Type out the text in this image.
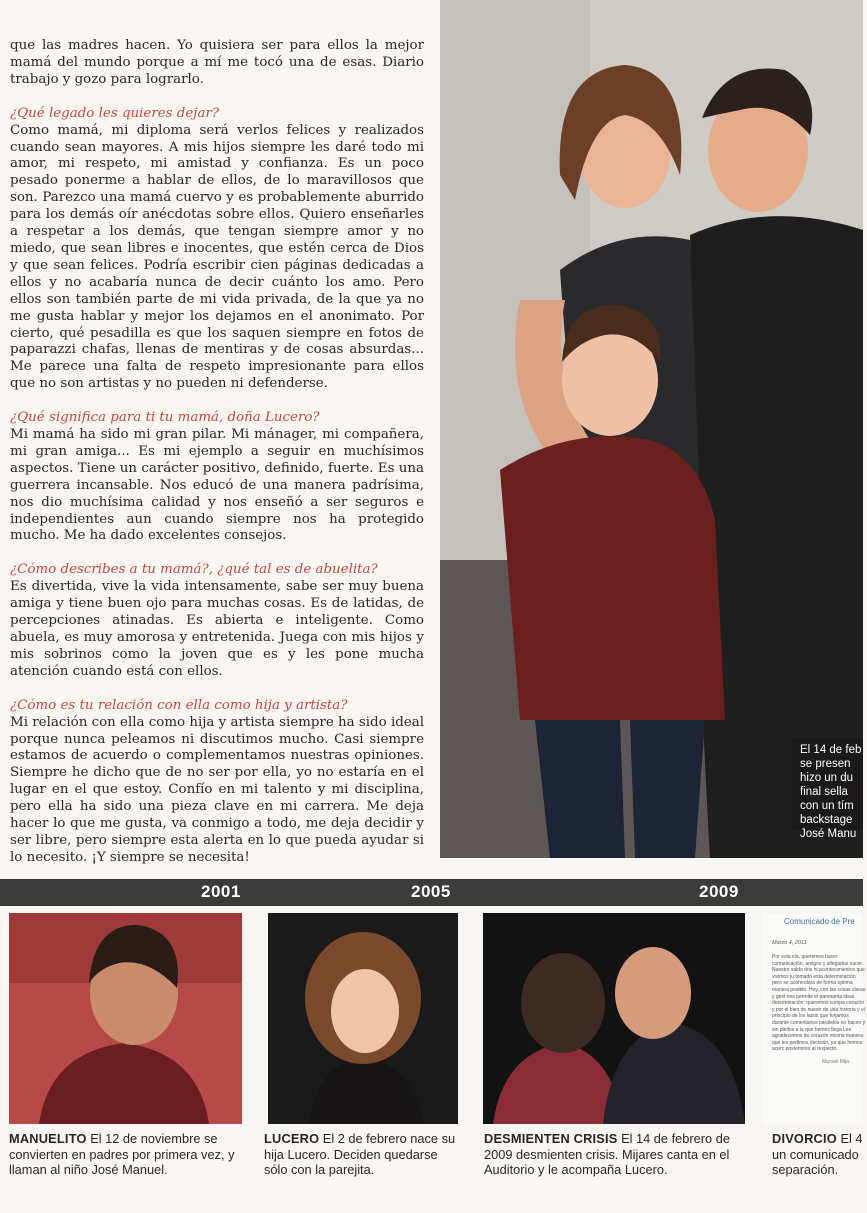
que las madres hacen. Yo quisiera ser para ellos la mejor mamá del mundo porque a mí me tocó una de esas. Diario trabajo y gozo para lograrlo.

¿Qué legado les quieres dejar?

Como mamá, mi diploma será verlos felices y realizados cuando sean mayores. A mis hijos siempre les daré todo mi amor, mi respeto, mi amistad y confianza. Es un poco pesado ponerme a hablar de ellos, de lo maravillosos que son. Parezco una mamá cuervo y es probablemente aburrido para los demás oír anécdotas sobre ellos. Quiero enseñarles a respetar a los demás, que tengan siempre amor y no miedo, que sean libres e inocentes, que estén cerca de Dios y que sean felices. Podría escribir cien páginas dedicadas a ellos y no acabaría nunca de decir cuánto los amo. Pero ellos son también parte de mi vida privada, de la que ya no me gusta hablar y mejor los dejamos en el anonimato. Por cierto, qué pesadilla es que los saquen siempre en fotos de paparazzi chafas, llenas de mentiras y de cosas absurdas... Me parece una falta de respeto impresionante para ellos que no son artistas y no pueden ni defenderse.

¿Qué significa para ti tu mamá, doña Lucero?

Mi mamá ha sido mi gran pilar. Mi mánager, mi compañera, mi gran amiga... Es mi ejemplo a seguir en muchísimos aspectos. Tiene un carácter positivo, definido, fuerte. Es una guerrera incansable. Nos educó de una manera padrísima, nos dio muchísima calidad y nos enseñó a ser seguros e independientes aun cuando siempre nos ha protegido mucho. Me ha dado excelentes consejos.

¿Cómo describes a tu mamá?, ¿qué tal es de abuelita?

Es divertida, vive la vida intensamente, sabe ser muy buena amiga y tiene buen ojo para muchas cosas. Es de latidas, de percepciones atinadas. Es abierta e inteligente. Como abuela, es muy amorosa y entretenida. Juega con mis hijos y mis sobrinos como la joven que es y les pone mucha atención cuando está con ellos.

¿Cómo es tu relación con ella como hija y artista?

Mi relación con ella como hija y artista siempre ha sido ideal porque nunca peleamos ni discutimos mucho. Casi siempre estamos de acuerdo o complementamos nuestras opiniones. Siempre he dicho que de no ser por ella, yo no estaría en el lugar en el que estoy. Confío en mi talento y mi disciplina, pero ella ha sido una pieza clave en mi carrera. Me deja hacer lo que me gusta, va conmigo a todo, me deja decidir y ser libre, pero siempre esta alerta en lo que pueda ayudar si lo necesito. ¡Y siempre se necesita!

El 14 de feb
se presen
hizo un du
final sella
con un tím
backstage
José Manu
2001	2005	2009
Comunicado de Pre
Marzo 4, 2011
Por esta vía, queremos hacer comunicación, amigos y allegados nacer. Nuestro saldo dos hi acontecimientos que vivimos ju tomado esta determinación pero se acomodara de forma optima manera posible. Hoy, con las cosas claras y gest nos permite el panorama ideal determinación; queremos compa corazón y por el bien de nuestr de una historia y el principio de los lazos que forjamos durante comentarios paralelos no hacen y sin pleitos a la que hemos llega Les agradecemos de corazón misma manera que les pedimos decisión, ya que hemos acerc posteriores al respecto.
Manuel Mija
MANUELITO El 12 de noviembre se convierten en padres por primera vez, y llaman al niño José Manuel.
LUCERO El 2 de febrero nace su hija Lucero. Deciden quedarse sólo con la parejita.
DESMIENTEN CRISIS El 14 de febrero de 2009 desmienten crisis. Mijares canta en el Auditorio y le acompaña Lucero.
DIVORCIO El 4 un comunicado separación.
